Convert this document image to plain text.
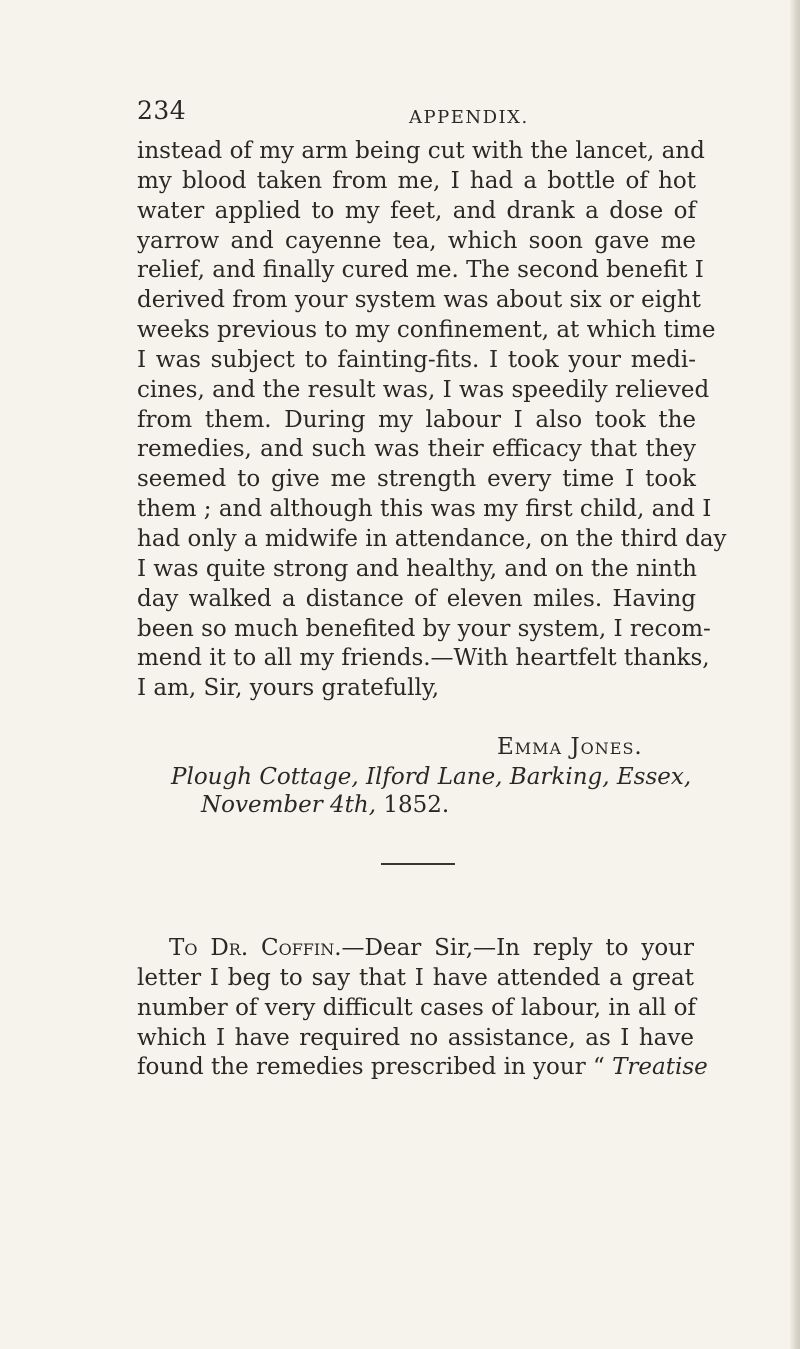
234	APPENDIX.
instead of my arm being cut with the lancet, and
my blood taken from me, I had a bottle of hot
water applied to my feet, and drank a dose of
yarrow and cayenne tea, which soon gave me
relief, and finally cured me. The second benefit I
derived from your system was about six or eight
weeks previous to my confinement, at which time
I was subject to fainting-fits. I took your medi-
cines, and the result was, I was speedily relieved
from them. During my labour I also took the
remedies, and such was their efficacy that they
seemed to give me strength every time I took
them ; and although this was my first child, and I
had only a midwife in attendance, on the third day
I was quite strong and healthy, and on the ninth
day walked a distance of eleven miles. Having
been so much benefited by your system, I recom-
mend it to all my friends.—With heartfelt thanks,
I am, Sir, yours gratefully,
Emma Jones.
Plough Cottage, Ilford Lane, Barking, Essex,
November 4th, 1852.
To Dr. Coffin.—Dear Sir,—In reply to your
letter I beg to say that I have attended a great
number of very difficult cases of labour, in all of
which I have required no assistance, as I have
found the remedies prescribed in your “ Treatise
